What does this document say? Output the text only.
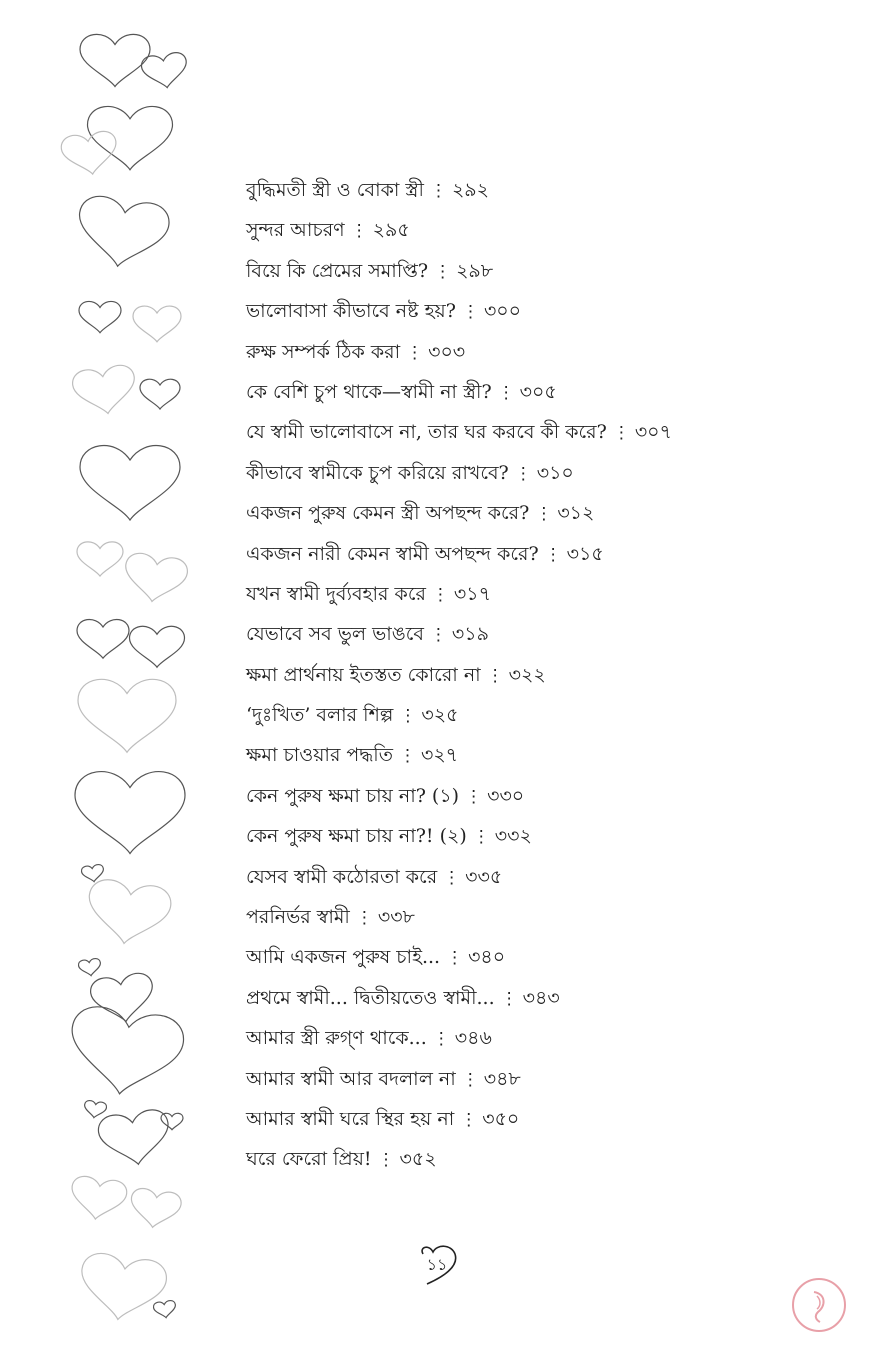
বুদ্ধিমতী স্ত্রী ও বোকা স্ত্রী ⋮ ২৯২
সুন্দর আচরণ ⋮ ২৯৫
বিয়ে কি প্রেমের সমাপ্তি? ⋮ ২৯৮
ভালোবাসা কীভাবে নষ্ট হয়? ⋮ ৩০০
রুক্ষ সম্পর্ক ঠিক করা ⋮ ৩০৩
কে বেশি চুপ থাকে—স্বামী না স্ত্রী? ⋮ ৩০৫
যে স্বামী ভালোবাসে না, তার ঘর করবে কী করে? ⋮ ৩০৭
কীভাবে স্বামীকে চুপ করিয়ে রাখবে? ⋮ ৩১০
একজন পুরুষ কেমন স্ত্রী অপছন্দ করে? ⋮ ৩১২
একজন নারী কেমন স্বামী অপছন্দ করে? ⋮ ৩১৫
যখন স্বামী দুর্ব্যবহার করে ⋮ ৩১৭
যেভাবে সব ভুল ভাঙবে ⋮ ৩১৯
ক্ষমা প্রার্থনায় ইতস্তত কোরো না ⋮ ৩২২
‘দুঃখিত’ বলার শিল্প ⋮ ৩২৫
ক্ষমা চাওয়ার পদ্ধতি ⋮ ৩২৭
কেন পুরুষ ক্ষমা চায় না? (১) ⋮ ৩৩০
কেন পুরুষ ক্ষমা চায় না?! (২) ⋮ ৩৩২
যেসব স্বামী কঠোরতা করে ⋮ ৩৩৫
পরনির্ভর স্বামী ⋮ ৩৩৮
আমি একজন পুরুষ চাই... ⋮ ৩৪০
প্রথমে স্বামী... দ্বিতীয়তেও স্বামী... ⋮ ৩৪৩
আমার স্ত্রী রুগ্‌ণ থাকে... ⋮ ৩৪৬
আমার স্বামী আর বদলাল না ⋮ ৩৪৮
আমার স্বামী ঘরে স্থির হয় না ⋮ ৩৫০
ঘরে ফেরো প্রিয়! ⋮ ৩৫২
১১
